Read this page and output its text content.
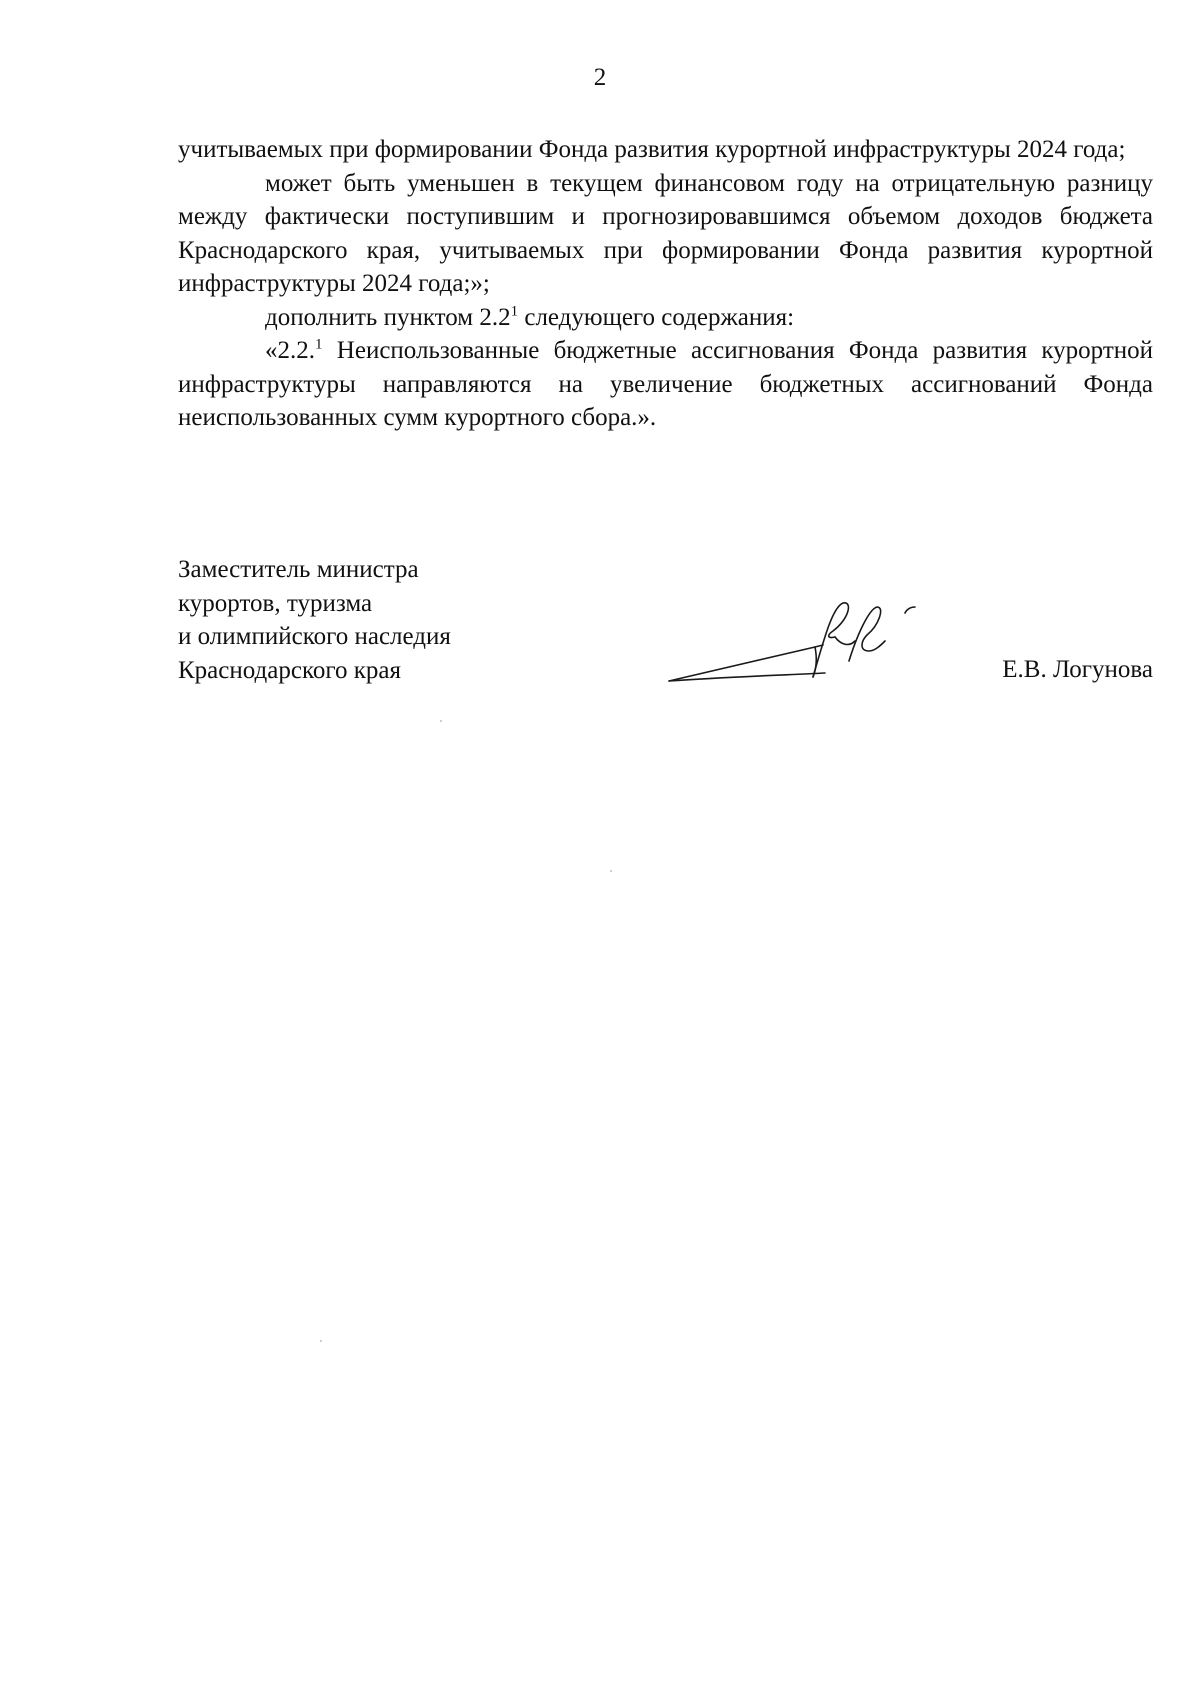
2

учитываемых при формировании Фонда развития курортной инфраструктуры 2024 года;

может быть уменьшен в текущем финансовом году на отрицательную разницу между фактически поступившим и прогнозировавшимся объемом доходов бюджета Краснодарского края, учитываемых при формировании Фонда развития курортной инфраструктуры 2024 года;»;

дополнить пунктом $2.2^1$ следующего содержания:

«2.2.$^1$ Неиспользованные бюджетные ассигнования Фонда развития курортной инфраструктуры направляются на увеличение бюджетных ассигнований Фонда неиспользованных сумм курортного сбора.».

Заместитель министра
курортов, туризма
и олимпийского наследия
Краснодарского края	Е.В. Логунова
